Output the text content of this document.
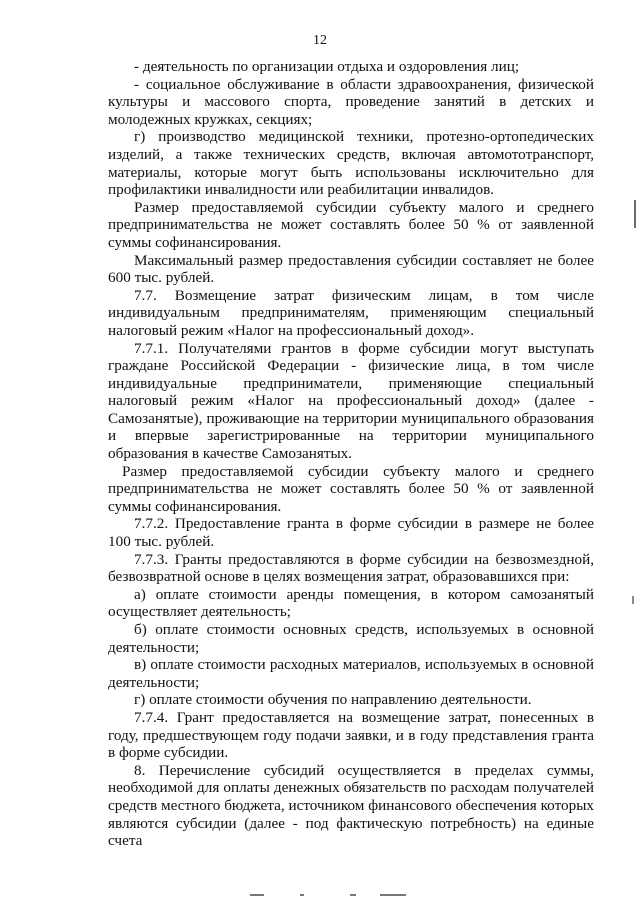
12

- деятельность по организации отдыха и оздоровления лиц;

- социальное обслуживание в области здравоохранения, физической культуры и массового спорта, проведение занятий в детских и молодежных кружках, секциях;

г) производство медицинской техники, протезно-ортопедических изделий, а также технических средств, включая автомототранспорт, материалы, которые могут быть использованы исключительно для профилактики инвалидности или реабилитации инвалидов.

Размер предоставляемой субсидии субъекту малого и среднего предпринимательства не может составлять более 50 % от заявленной суммы софинансирования.

Максимальный размер предоставления субсидии составляет не более 600 тыс. рублей.

7.7. Возмещение затрат физическим лицам, в том числе индивидуальным предпринимателям, применяющим специальный налоговый режим «Налог на профессиональный доход».

7.7.1. Получателями грантов в форме субсидии могут выступать граждане Российской Федерации - физические лица, в том числе индивидуальные предприниматели, применяющие специальный налоговый режим «Налог на профессиональный доход» (далее - Самозанятые), проживающие на территории муниципального образования и впервые зарегистрированные на территории муниципального образования в качестве Самозанятых.

Размер предоставляемой субсидии субъекту малого и среднего предпринимательства не может составлять более 50 % от заявленной суммы софинансирования.

7.7.2. Предоставление гранта в форме субсидии в размере не более 100 тыс. рублей.

7.7.3. Гранты предоставляются в форме субсидии на безвозмездной, безвозвратной основе в целях возмещения затрат, образовавшихся при:

а) оплате стоимости аренды помещения, в котором самозанятый осуществляет деятельность;

б) оплате стоимости основных средств, используемых в основной деятельности;

в) оплате стоимости расходных материалов, используемых в основной деятельности;

г) оплате стоимости обучения по направлению деятельности.

7.7.4. Грант предоставляется на возмещение затрат, понесенных в году, предшествующем году подачи заявки, и в году представления гранта в форме субсидии.

8. Перечисление субсидий осуществляется в пределах суммы, необходимой для оплаты денежных обязательств по расходам получателей средств местного бюджета, источником финансового обеспечения которых являются субсидии (далее - под фактическую потребность) на единые счета
